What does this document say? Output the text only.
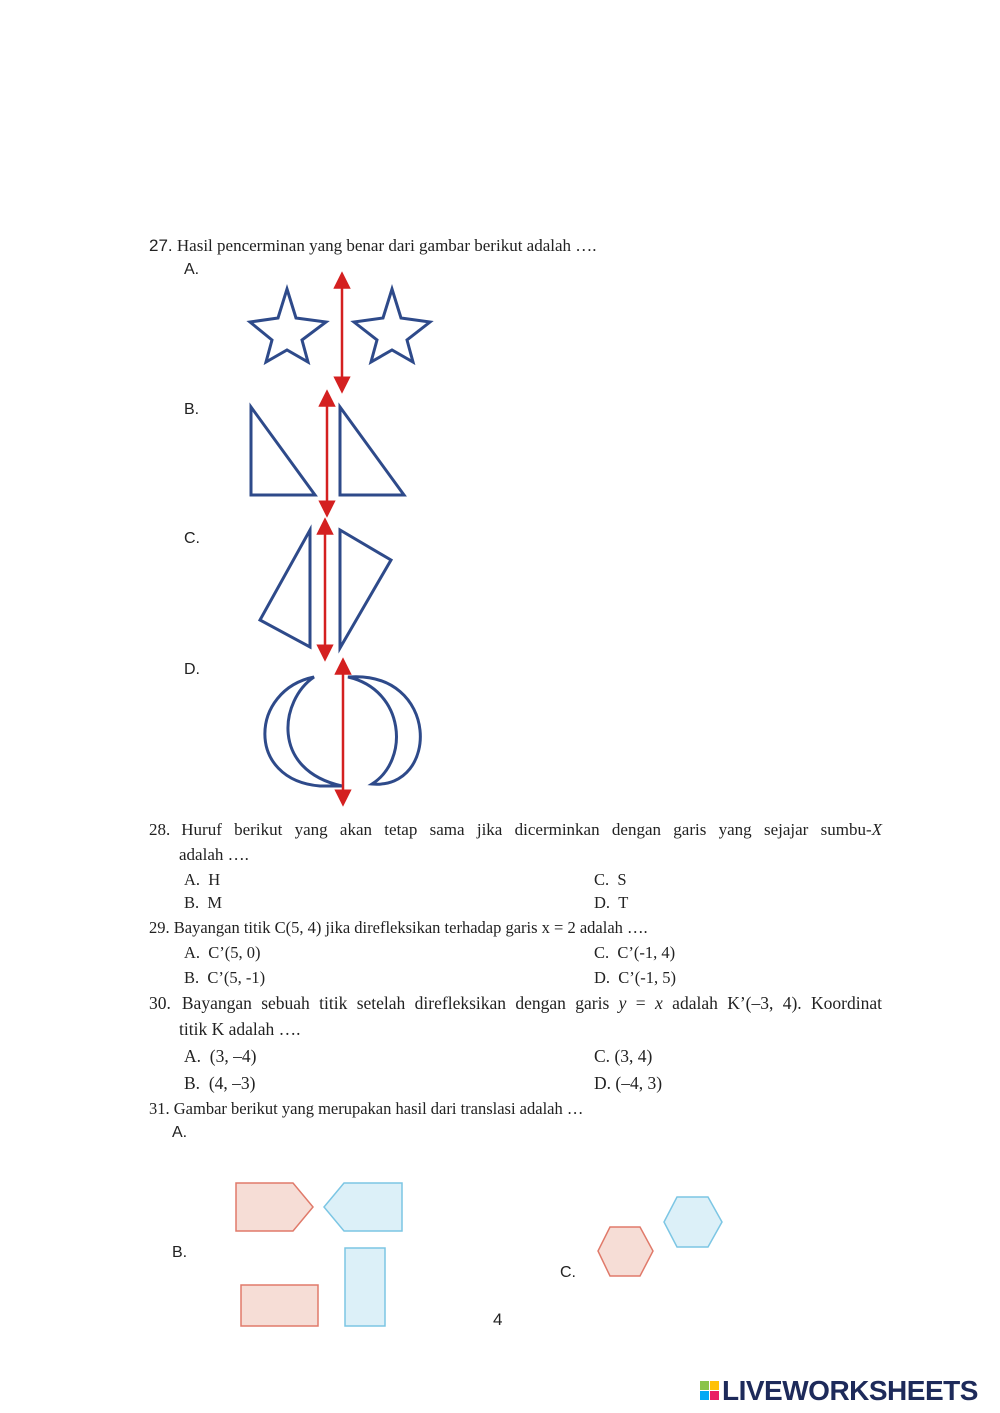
27. Hasil pencerminan yang benar dari gambar berikut adalah ….
A.
B.
C.
D.
28. Huruf berikut yang akan tetap sama jika dicerminkan dengan garis yang sejajar sumbu-X
adalah ….
A. H
B. M
C. S
D. T
29. Bayangan titik C(5, 4) jika direfleksikan terhadap garis x = 2 adalah ….
A. C’(5, 0)
B. C’(5, -1)
C. C’(-1, 4)
D. C’(-1, 5)
30. Bayangan sebuah titik setelah direfleksikan dengan garis y = x adalah K’(–3, 4). Koordinat
titik K adalah ….
A. (3, –4)
B. (4, –3)
C. (3, 4)
D. (–4, 3)
31. Gambar berikut yang merupakan hasil dari translasi adalah …
A.
B.
C.
4
LIVEWORKSHEETS
